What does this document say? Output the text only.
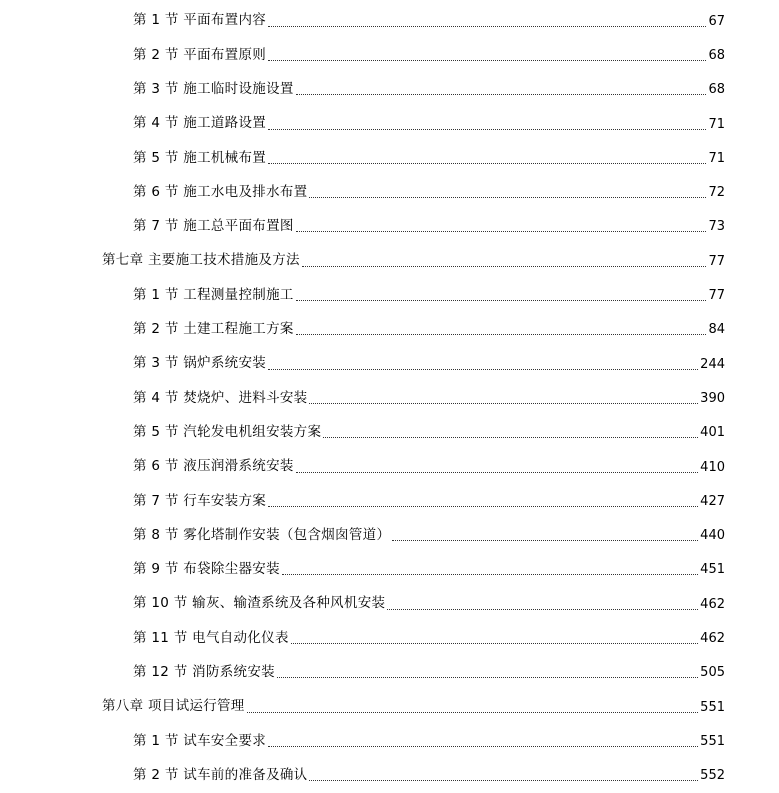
第 1 节 平面布置内容	67
第 2 节 平面布置原则	68
第 3 节 施工临时设施设置	68
第 4 节 施工道路设置	71
第 5 节 施工机械布置	71
第 6 节 施工水电及排水布置	72
第 7 节 施工总平面布置图	73
第七章 主要施工技术措施及方法	77
第 1 节 工程测量控制施工	77
第 2 节 土建工程施工方案	84
第 3 节 锅炉系统安装	244
第 4 节 焚烧炉、进料斗安装	390
第 5 节 汽轮发电机组安装方案	401
第 6 节 液压润滑系统安装	410
第 7 节 行车安装方案	427
第 8 节 雾化塔制作安装（包含烟囱管道）	440
第 9 节 布袋除尘器安装	451
第 10 节 输灰、输渣系统及各种风机安装	462
第 11 节 电气自动化仪表	462
第 12 节 消防系统安装	505
第八章 项目试运行管理	551
第 1 节 试车安全要求	551
第 2 节 试车前的准备及确认	552
